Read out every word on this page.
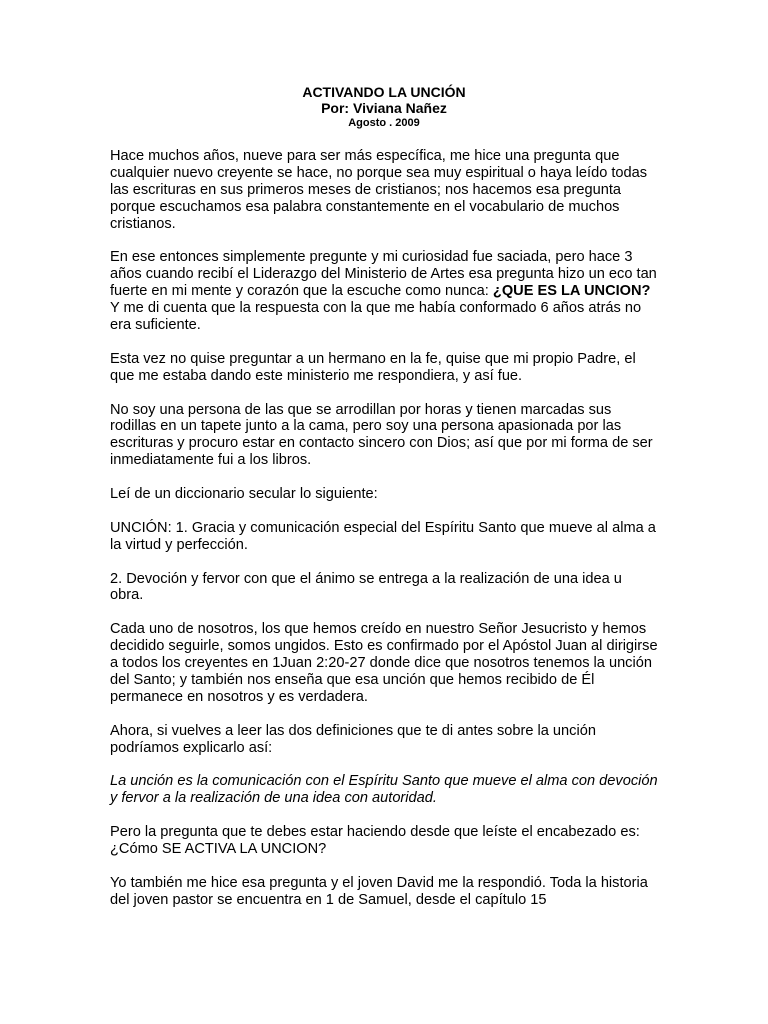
ACTIVANDO LA UNCIÓN

Por: Viviana Nañez

Agosto . 2009

Hace muchos años, nueve para ser más específica, me hice una pregunta que cualquier nuevo creyente se hace, no porque sea muy espiritual o haya leído todas las escrituras en sus primeros meses de cristianos; nos hacemos esa pregunta porque escuchamos esa palabra constantemente en el vocabulario de muchos cristianos.

En ese entonces simplemente pregunte y mi curiosidad fue saciada, pero hace 3 años cuando recibí el Liderazgo del Ministerio de Artes esa pregunta hizo un eco tan fuerte en mi mente y corazón que la escuche como nunca: ¿QUE ES LA UNCION? Y me di cuenta que la respuesta con la que me había conformado 6 años atrás no era suficiente.

Esta vez no quise preguntar a un hermano en la fe, quise que mi propio Padre, el que me estaba dando este ministerio me respondiera, y así fue.

No soy una persona de las que se arrodillan por horas y tienen marcadas sus rodillas en un tapete junto a la cama, pero soy una persona apasionada por las escrituras y procuro estar en contacto sincero con Dios; así que por mi forma de ser inmediatamente fui a los libros.

Leí de un diccionario secular lo siguiente:

UNCIÓN: 1. Gracia y comunicación especial del Espíritu Santo que mueve al alma a la virtud y perfección.

2. Devoción y fervor con que el ánimo se entrega a la realización de una idea u obra.

Cada uno de nosotros, los que hemos creído en nuestro Señor Jesucristo y hemos decidido seguirle, somos ungidos. Esto es confirmado por el Apóstol Juan al dirigirse a todos los creyentes en 1Juan 2:20-27 donde dice que nosotros tenemos la unción del Santo; y también nos enseña que esa unción que hemos recibido de Él permanece en nosotros y es verdadera.

Ahora, si vuelves a leer las dos definiciones que te di antes sobre la unción podríamos explicarlo así:

La unción es la comunicación con el Espíritu Santo que mueve el alma con devoción y fervor a la realización de una idea con autoridad.

Pero la pregunta que te debes estar haciendo desde que leíste el encabezado es: ¿Cómo SE ACTIVA LA UNCION?

Yo también me hice esa pregunta y el joven David me la respondió. Toda la historia del joven pastor se encuentra en 1 de Samuel, desde el capítulo 15
